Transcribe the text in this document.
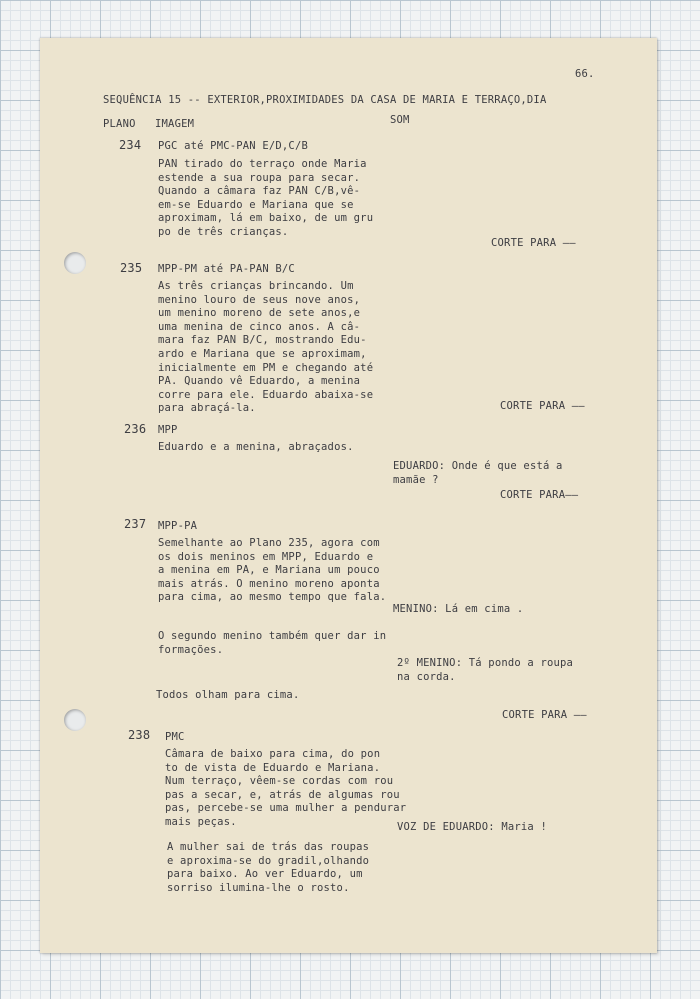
66.
SEQUÊNCIA 15 -- EXTERIOR,PROXIMIDADES DA CASA DE MARIA E TERRAÇO,DIA
PLANO IMAGEM	SOM
234 PGC até PMC-PAN E/D,C/B
PAN tirado do terraço onde Maria
estende a sua roupa para secar.
Quando a câmara faz PAN C/B,vê-
em-se Eduardo e Mariana que se
aproximam, lá em baixo, de um gru
po de três crianças.
CORTE PARA ——
235 MPP-PM até PA-PAN B/C
As três crianças brincando. Um
menino louro de seus nove anos,
um menino moreno de sete anos,e
uma menina de cinco anos. A câ-
mara faz PAN B/C, mostrando Edu-
ardo e Mariana que se aproximam,
inicialmente em PM e chegando até
PA. Quando vê Eduardo, a menina
corre para ele. Eduardo abaixa-se
para abraçá-la.	CORTE PARA ——
236 MPP
Eduardo e a menina, abraçados.
EDUARDO: Onde é que está a
mamãe ?
CORTE PARA——
237 MPP-PA
Semelhante ao Plano 235, agora com
os dois meninos em MPP, Eduardo e
a menina em PA, e Mariana um pouco
mais atrás. O menino moreno aponta
para cima, ao mesmo tempo que fala.
MENINO: Lá em cima .
O segundo menino também quer dar in
formações.
2º MENINO: Tá pondo a roupa
na corda.
Todos olham para cima.
CORTE PARA ——
238 PMC
Câmara de baixo para cima, do pon
to de vista de Eduardo e Mariana.
Num terraço, vêem-se cordas com rou
pas a secar, e, atrás de algumas rou
pas, percebe-se uma mulher a pendurar
mais peças.	VOZ DE EDUARDO: Maria !
A mulher sai de trás das roupas
e aproxima-se do gradil,olhando
para baixo. Ao ver Eduardo, um
sorriso ilumina-lhe o rosto.
